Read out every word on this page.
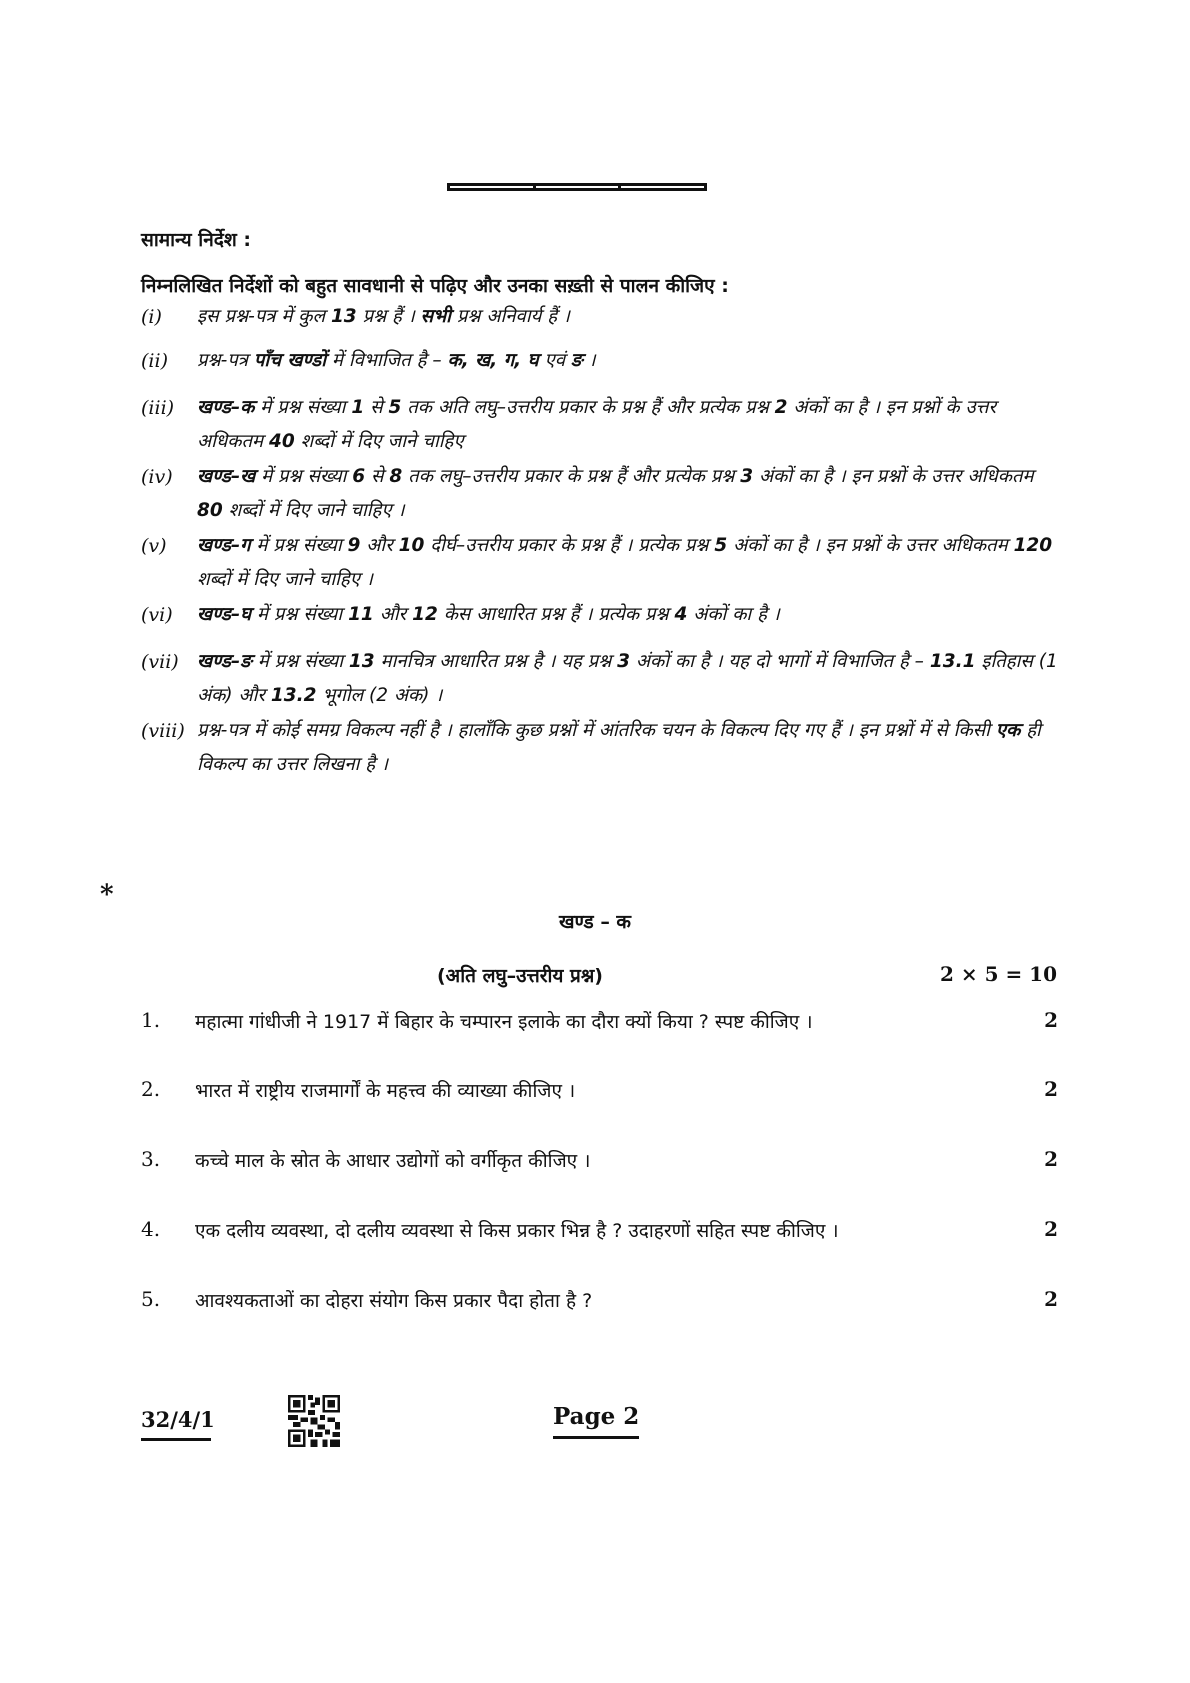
सामान्य निर्देश :
निम्नलिखित निर्देशों को बहुत सावधानी से पढ़िए और उनका सख़्ती से पालन कीजिए :
(i) इस प्रश्न-पत्र में कुल 13 प्रश्न हैं । सभी प्रश्न अनिवार्य हैं ।
(ii) प्रश्न-पत्र पाँच खण्डों में विभाजित है – क, ख, ग, घ एवं ङ ।
(iii) खण्ड–क में प्रश्न संख्या 1 से 5 तक अति लघु–उत्तरीय प्रकार के प्रश्न हैं और प्रत्येक प्रश्न 2 अंकों का है । इन प्रश्नों के उत्तर अधिकतम 40 शब्दों में दिए जाने चाहिए
(iv) खण्ड–ख में प्रश्न संख्या 6 से 8 तक लघु–उत्तरीय प्रकार के प्रश्न हैं और प्रत्येक प्रश्न 3 अंकों का है । इन प्रश्नों के उत्तर अधिकतम 80 शब्दों में दिए जाने चाहिए ।
(v) खण्ड–ग में प्रश्न संख्या 9 और 10 दीर्घ–उत्तरीय प्रकार के प्रश्न हैं । प्रत्येक प्रश्न 5 अंकों का है । इन प्रश्नों के उत्तर अधिकतम 120 शब्दों में दिए जाने चाहिए ।
(vi) खण्ड–घ में प्रश्न संख्या 11 और 12 केस आधारित प्रश्न हैं । प्रत्येक प्रश्न 4 अंकों का है ।
(vii) खण्ड–ङ में प्रश्न संख्या 13 मानचित्र आधारित प्रश्न है । यह प्रश्न 3 अंकों का है । यह दो भागों में विभाजित है – 13.1 इतिहास (1 अंक) और 13.2 भूगोल (2 अंक) ।
(viii) प्रश्न-पत्र में कोई समग्र विकल्प नहीं है । हालाँकि कुछ प्रश्नों में आंतरिक चयन के विकल्प दिए गए हैं । इन प्रश्नों में से किसी एक ही विकल्प का उत्तर लिखना है ।
*
खण्ड – क
(अति लघु–उत्तरीय प्रश्न)	2 × 5 = 10
1. महात्मा गांधीजी ने 1917 में बिहार के चम्पारन इलाके का दौरा क्यों किया ? स्पष्ट कीजिए ।	2
2. भारत में राष्ट्रीय राजमार्गों के महत्त्व की व्याख्या कीजिए ।	2
3. कच्चे माल के स्रोत के आधार उद्योगों को वर्गीकृत कीजिए ।	2
4. एक दलीय व्यवस्था, दो दलीय व्यवस्था से किस प्रकार भिन्न है ? उदाहरणों सहित स्पष्ट कीजिए ।	2
5. आवश्यकताओं का दोहरा संयोग किस प्रकार पैदा होता है ?	2
32/4/1	Page 2
